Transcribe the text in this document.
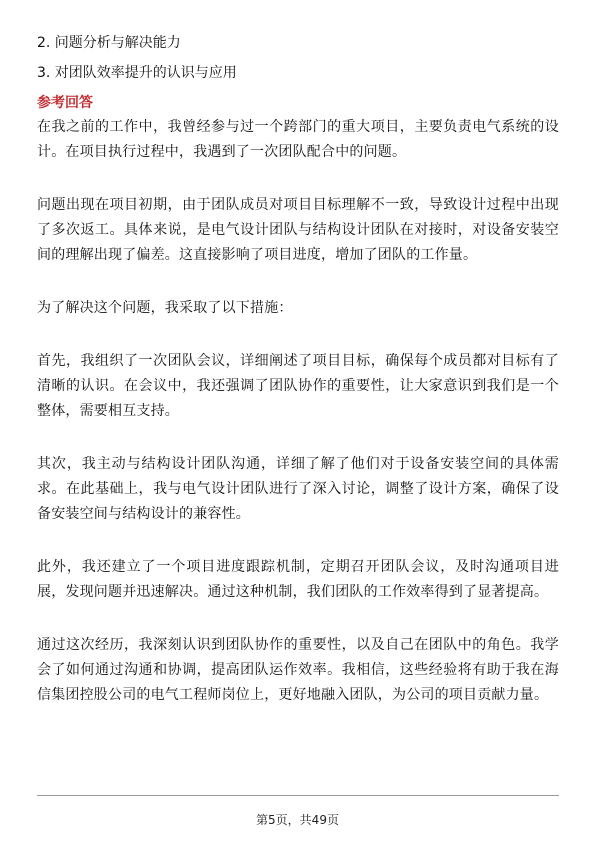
2. 问题分析与解决能力

3. 对团队效率提升的认识与应用

参考回答

在我之前的工作中，我曾经参与过一个跨部门的重大项目，主要负责电气系统的设计。在项目执行过程中，我遇到了一次团队配合中的问题。

问题出现在项目初期，由于团队成员对项目目标理解不一致，导致设计过程中出现了多次返工。具体来说，是电气设计团队与结构设计团队在对接时，对设备安装空间的理解出现了偏差。这直接影响了项目进度，增加了团队的工作量。

为了解决这个问题，我采取了以下措施：

首先，我组织了一次团队会议，详细阐述了项目目标，确保每个成员都对目标有了清晰的认识。在会议中，我还强调了团队协作的重要性，让大家意识到我们是一个整体，需要相互支持。

其次，我主动与结构设计团队沟通，详细了解了他们对于设备安装空间的具体需求。在此基础上，我与电气设计团队进行了深入讨论，调整了设计方案，确保了设备安装空间与结构设计的兼容性。

此外，我还建立了一个项目进度跟踪机制，定期召开团队会议，及时沟通项目进展，发现问题并迅速解决。通过这种机制，我们团队的工作效率得到了显著提高。

通过这次经历，我深刻认识到团队协作的重要性，以及自己在团队中的角色。我学会了如何通过沟通和协调，提高团队运作效率。我相信，这些经验将有助于我在海信集团控股公司的电气工程师岗位上，更好地融入团队，为公司的项目贡献力量。

第5页，共49页
